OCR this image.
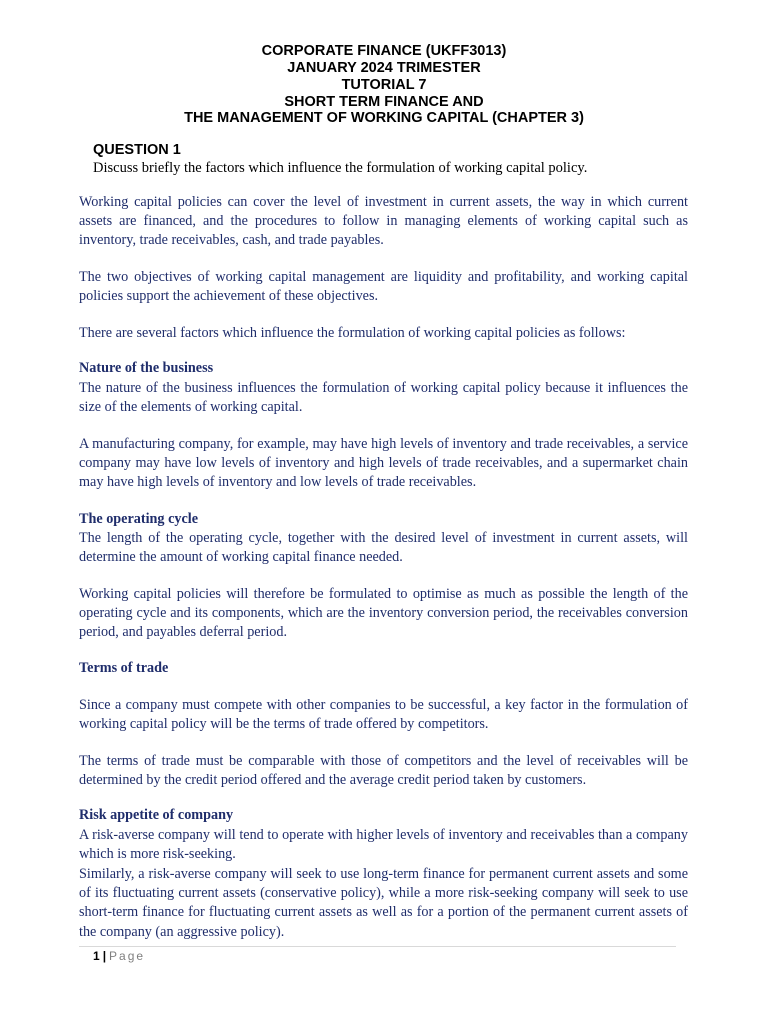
CORPORATE FINANCE (UKFF3013)
JANUARY 2024 TRIMESTER
TUTORIAL 7
SHORT TERM FINANCE AND
THE MANAGEMENT OF WORKING CAPITAL (CHAPTER 3)
QUESTION 1
Discuss briefly the factors which influence the formulation of working capital policy.
Working capital policies can cover the level of investment in current assets, the way in which current assets are financed, and the procedures to follow in managing elements of working capital such as inventory, trade receivables, cash, and trade payables.
The two objectives of working capital management are liquidity and profitability, and working capital policies support the achievement of these objectives.
There are several factors which influence the formulation of working capital policies as follows:
Nature of the business
The nature of the business influences the formulation of working capital policy because it influences the size of the elements of working capital.
A manufacturing company, for example, may have high levels of inventory and trade receivables, a service company may have low levels of inventory and high levels of trade receivables, and a supermarket chain may have high levels of inventory and low levels of trade receivables.
The operating cycle
The length of the operating cycle, together with the desired level of investment in current assets, will determine the amount of working capital finance needed.
Working capital policies will therefore be formulated to optimise as much as possible the length of the operating cycle and its components, which are the inventory conversion period, the receivables conversion period, and payables deferral period.
Terms of trade
Since a company must compete with other companies to be successful, a key factor in the formulation of working capital policy will be the terms of trade offered by competitors.
The terms of trade must be comparable with those of competitors and the level of receivables will be determined by the credit period offered and the average credit period taken by customers.
Risk appetite of company
A risk-averse company will tend to operate with higher levels of inventory and receivables than a company which is more risk-seeking.
Similarly, a risk-averse company will seek to use long-term finance for permanent current assets and some of its fluctuating current assets (conservative policy), while a more risk-seeking company will seek to use short-term finance for fluctuating current assets as well as for a portion of the permanent current assets of the company (an aggressive policy).
1 | Page
